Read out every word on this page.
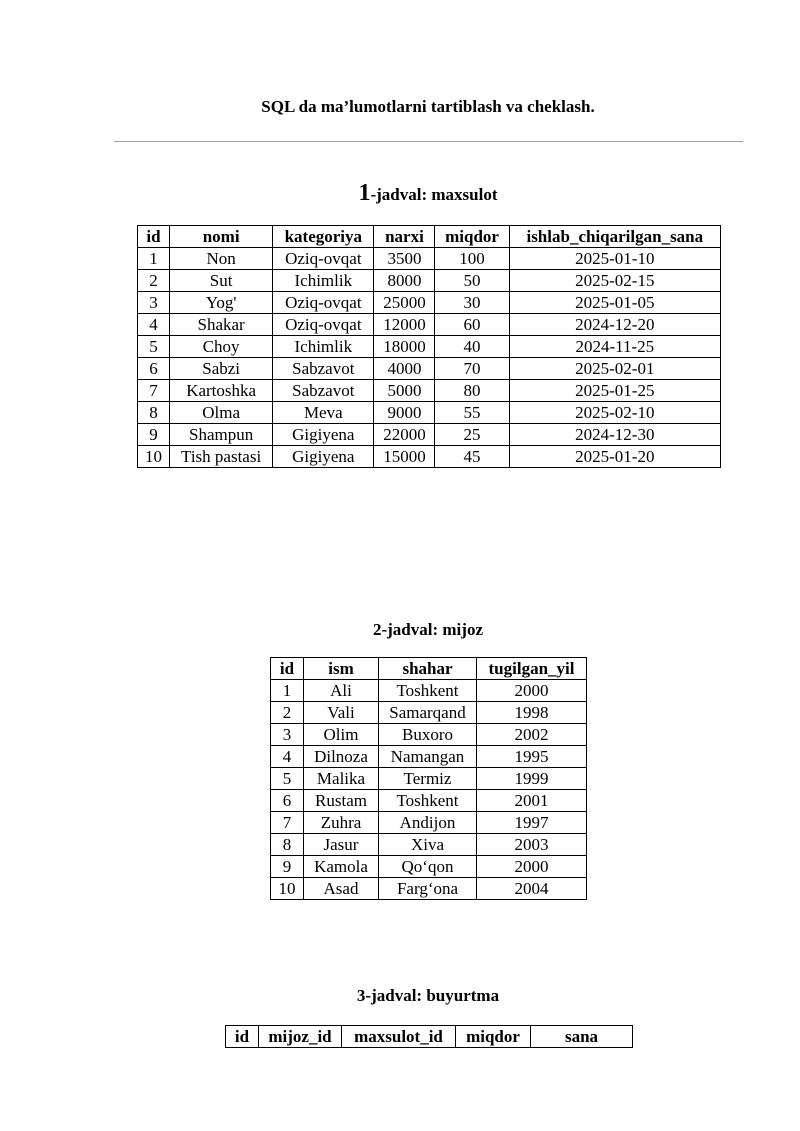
SQL da ma’lumotlarni tartiblash va cheklash.
1-jadval: maxsulot
id	nomi	kategoriya	narxi	miqdor	ishlab_chiqarilgan_sana
1	Non	Oziq-ovqat	3500	100	2025-01-10
2	Sut	Ichimlik	8000	50	2025-02-15
3	Yog'	Oziq-ovqat	25000	30	2025-01-05
4	Shakar	Oziq-ovqat	12000	60	2024-12-20
5	Choy	Ichimlik	18000	40	2024-11-25
6	Sabzi	Sabzavot	4000	70	2025-02-01
7	Kartoshka	Sabzavot	5000	80	2025-01-25
8	Olma	Meva	9000	55	2025-02-10
9	Shampun	Gigiyena	22000	25	2024-12-30
10	Tish pastasi	Gigiyena	15000	45	2025-01-20
2-jadval: mijoz
id	ism	shahar	tugilgan_yil
1	Ali	Toshkent	2000
2	Vali	Samarqand	1998
3	Olim	Buxoro	2002
4	Dilnoza	Namangan	1995
5	Malika	Termiz	1999
6	Rustam	Toshkent	2001
7	Zuhra	Andijon	1997
8	Jasur	Xiva	2003
9	Kamola	Qo‘qon	2000
10	Asad	Farg‘ona	2004
3-jadval: buyurtma
id	mijoz_id	maxsulot_id	miqdor	sana
